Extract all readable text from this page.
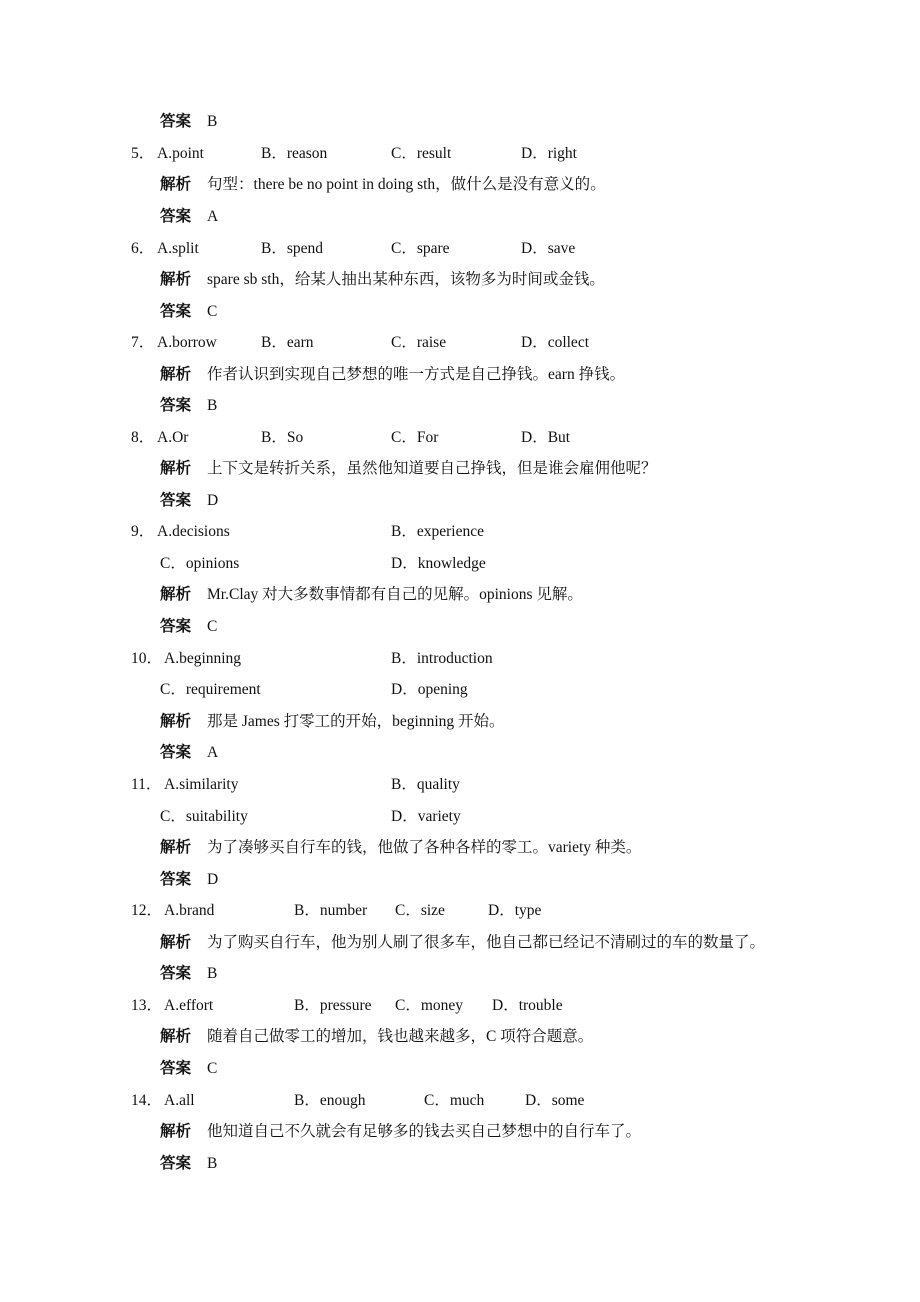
答案 B
5． A.point	B．reason	C．result	D．right
解析 句型：there be no point in doing sth，做什么是没有意义的。
答案 A
6． A.split	B．spend	C．spare	D．save
解析 spare sb sth，给某人抽出某种东西，该物多为时间或金钱。
答案 C
7． A.borrow	B．earn	C．raise	D．collect
解析 作者认识到实现自己梦想的唯一方式是自己挣钱。earn 挣钱。
答案 B
8． A.Or	B．So	C．For	D．But
解析 上下文是转折关系，虽然他知道要自己挣钱，但是谁会雇佣他呢？
答案 D
9． A.decisions	B．experience
C．opinions	D．knowledge
解析 Mr.Clay 对大多数事情都有自己的见解。opinions 见解。
答案 C
10． A.beginning	B．introduction
C．requirement	D．opening
解析 那是 James 打零工的开始，beginning 开始。
答案 A
11． A.similarity	B．quality
C．suitability	D．variety
解析 为了凑够买自行车的钱，他做了各种各样的零工。variety 种类。
答案 D
12． A.brand	B．number C．size	D．type
解析 为了购买自行车，他为别人刷了很多车，他自己都已经记不清刷过的车的数量了。
答案 B
13． A.effort	B．pressure C．money D．trouble
解析 随着自己做零工的增加，钱也越来越多，C 项符合题意。
答案 C
14． A.all	B．enough	C．much	D．some
解析 他知道自己不久就会有足够多的钱去买自己梦想中的自行车了。
答案 B
